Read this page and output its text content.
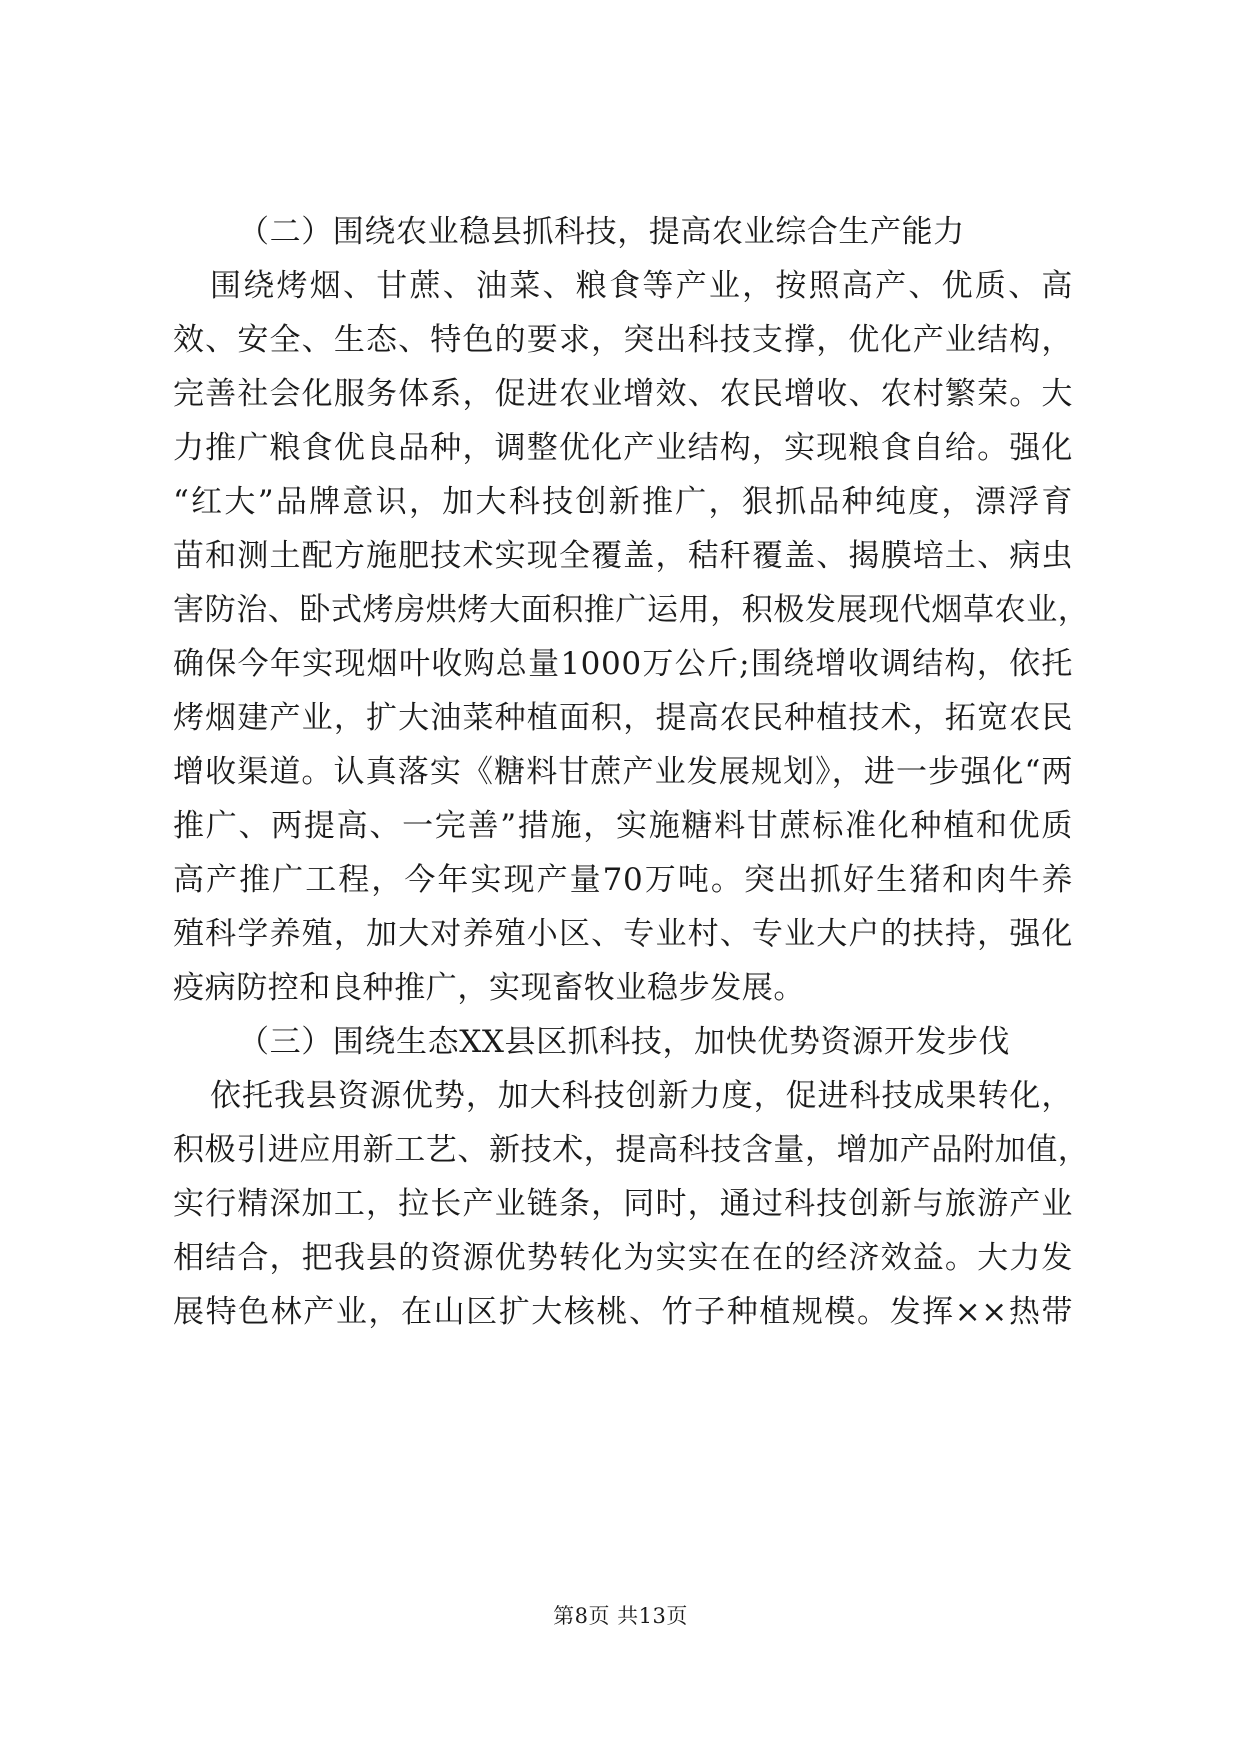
（二）围绕农业稳县抓科技，提高农业综合生产能力
围绕烤烟、甘蔗、油菜、粮食等产业，按照高产、优质、高
效、安全、生态、特色的要求，突出科技支撑，优化产业结构，
完善社会化服务体系，促进农业增效、农民增收、农村繁荣。大
力推广粮食优良品种，调整优化产业结构，实现粮食自给。强化
“红大”品牌意识，加大科技创新推广，狠抓品种纯度，漂浮育
苗和测土配方施肥技术实现全覆盖，秸秆覆盖、揭膜培土、病虫
害防治、卧式烤房烘烤大面积推广运用，积极发展现代烟草农业，
确保今年实现烟叶收购总量1000万公斤;围绕增收调结构，依托
烤烟建产业，扩大油菜种植面积，提高农民种植技术，拓宽农民
增收渠道。认真落实《糖料甘蔗产业发展规划》，进一步强化“两
推广、两提高、一完善”措施，实施糖料甘蔗标准化种植和优质
高产推广工程，今年实现产量70万吨。突出抓好生猪和肉牛养
殖科学养殖，加大对养殖小区、专业村、专业大户的扶持，强化
疫病防控和良种推广，实现畜牧业稳步发展。
（三）围绕生态XX县区抓科技，加快优势资源开发步伐
依托我县资源优势，加大科技创新力度，促进科技成果转化，
积极引进应用新工艺、新技术，提高科技含量，增加产品附加值，
实行精深加工，拉长产业链条，同时，通过科技创新与旅游产业
相结合，把我县的资源优势转化为实实在在的经济效益。大力发
展特色林产业，在山区扩大核桃、竹子种植规模。发挥××热带
第8页 共13页
